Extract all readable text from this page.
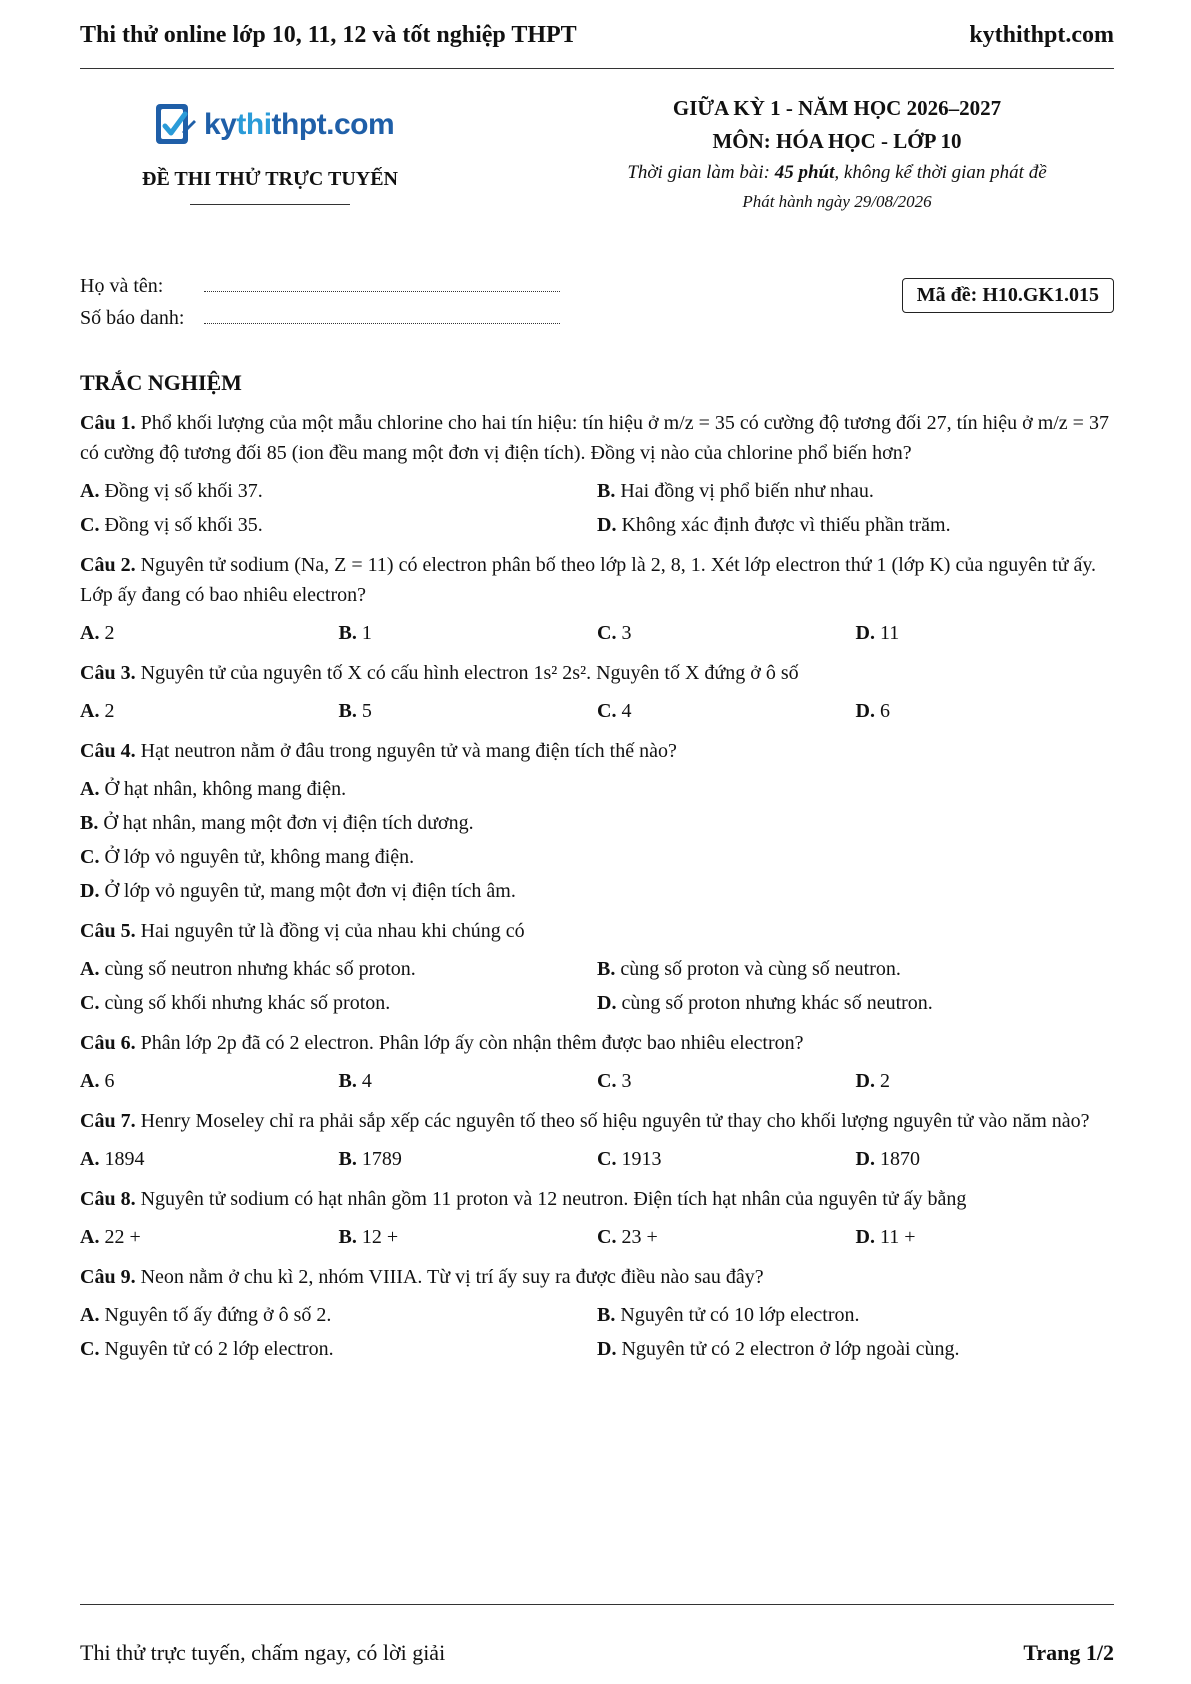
Thi thử online lớp 10, 11, 12 và tốt nghiệp THPT	kythithpt.com
kythithpt.com
ĐỀ THI THỬ TRỰC TUYẾN
GIỮA KỲ 1 - NĂM HỌC 2026–2027
MÔN: HÓA HỌC - LỚP 10
Thời gian làm bài: 45 phút, không kể thời gian phát đề
Phát hành ngày 29/08/2026
Họ và tên:
Số báo danh:
Mã đề: H10.GK1.015
TRẮC NGHIỆM
Câu 1. Phổ khối lượng của một mẫu chlorine cho hai tín hiệu: tín hiệu ở m/z = 35 có cường độ tương đối 27, tín hiệu ở m/z = 37 có cường độ tương đối 85 (ion đều mang một đơn vị điện tích). Đồng vị nào của chlorine phổ biến hơn?
A. Đồng vị số khối 37.	B. Hai đồng vị phổ biến như nhau.
C. Đồng vị số khối 35.	D. Không xác định được vì thiếu phần trăm.
Câu 2. Nguyên tử sodium (Na, Z = 11) có electron phân bố theo lớp là 2, 8, 1. Xét lớp electron thứ 1 (lớp K) của nguyên tử ấy. Lớp ấy đang có bao nhiêu electron?
A. 2	B. 1	C. 3	D. 11
Câu 3. Nguyên tử của nguyên tố X có cấu hình electron 1s² 2s². Nguyên tố X đứng ở ô số
A. 2	B. 5	C. 4	D. 6
Câu 4. Hạt neutron nằm ở đâu trong nguyên tử và mang điện tích thế nào?
A. Ở hạt nhân, không mang điện.
B. Ở hạt nhân, mang một đơn vị điện tích dương.
C. Ở lớp vỏ nguyên tử, không mang điện.
D. Ở lớp vỏ nguyên tử, mang một đơn vị điện tích âm.
Câu 5. Hai nguyên tử là đồng vị của nhau khi chúng có
A. cùng số neutron nhưng khác số proton.	B. cùng số proton và cùng số neutron.
C. cùng số khối nhưng khác số proton.	D. cùng số proton nhưng khác số neutron.
Câu 6. Phân lớp 2p đã có 2 electron. Phân lớp ấy còn nhận thêm được bao nhiêu electron?
A. 6	B. 4	C. 3	D. 2
Câu 7. Henry Moseley chỉ ra phải sắp xếp các nguyên tố theo số hiệu nguyên tử thay cho khối lượng nguyên tử vào năm nào?
A. 1894	B. 1789	C. 1913	D. 1870
Câu 8. Nguyên tử sodium có hạt nhân gồm 11 proton và 12 neutron. Điện tích hạt nhân của nguyên tử ấy bằng
A. 22 +	B. 12 +	C. 23 +	D. 11 +
Câu 9. Neon nằm ở chu kì 2, nhóm VIIIA. Từ vị trí ấy suy ra được điều nào sau đây?
A. Nguyên tố ấy đứng ở ô số 2.	B. Nguyên tử có 10 lớp electron.
C. Nguyên tử có 2 lớp electron.	D. Nguyên tử có 2 electron ở lớp ngoài cùng.
Thi thử trực tuyến, chấm ngay, có lời giải	Trang 1/2
